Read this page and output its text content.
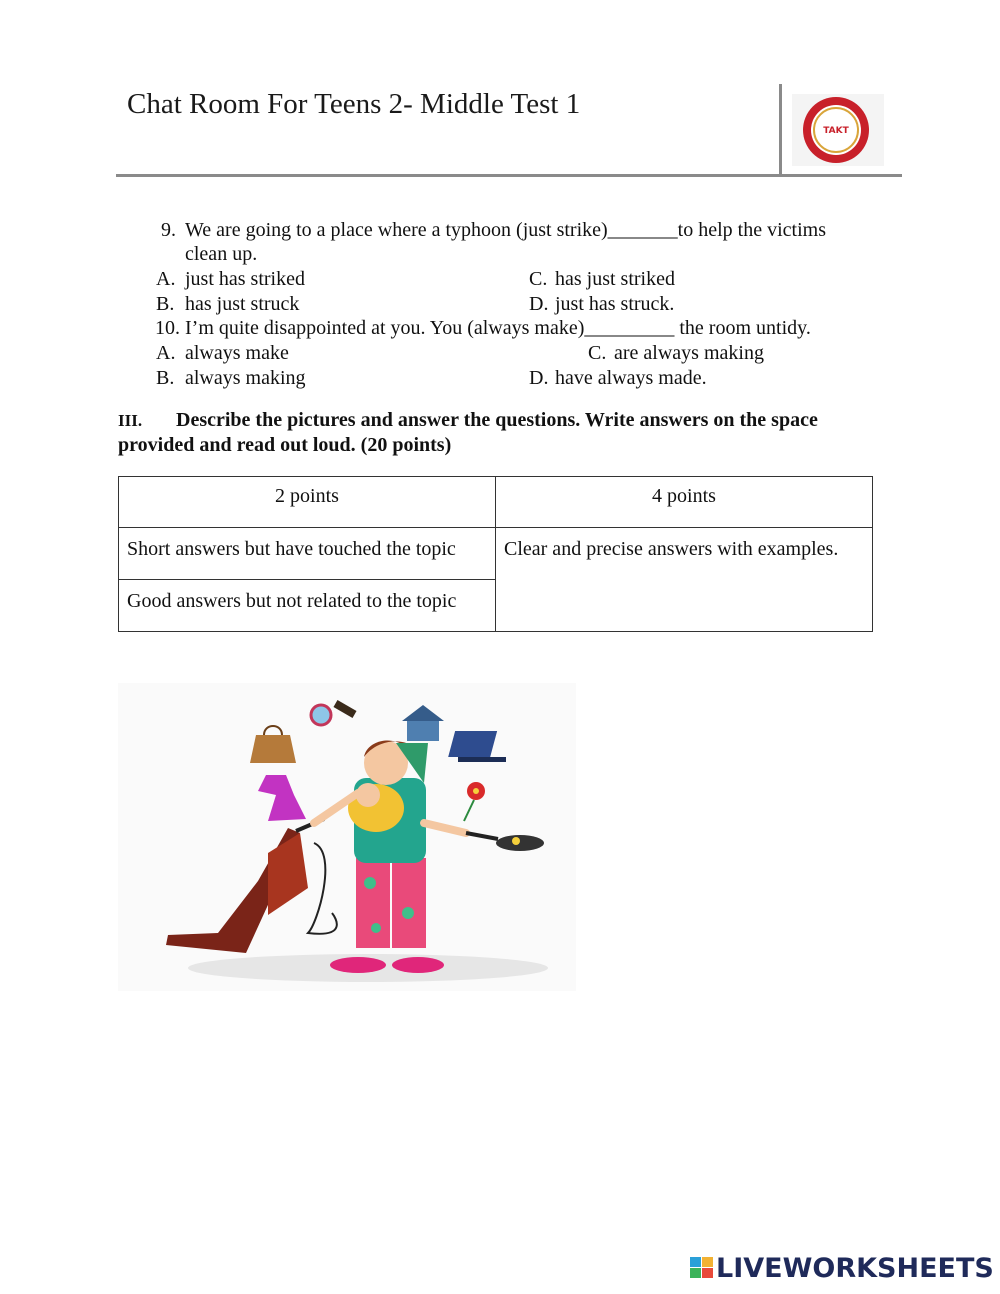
Chat Room For Teens 2- Middle Test 1
TAKT
9. We are going to a place where a typhoon (just strike)_______to help the victims
clean up.
A. just has striked
B. has just struck
C. has just striked
D. just has struck.
10. I’m quite disappointed at you. You (always make)_________ the room untidy.
A. always make
B. always making
C. are always making
D. have always made.
III. Describe the pictures and answer the questions. Write answers on the space
provided and read out loud. (20 points)
2 points	4 points
Short answers but have touched the topic	Clear and precise answers with examples.
Good answers but not related to the topic	
LIVEWORKSHEETS
